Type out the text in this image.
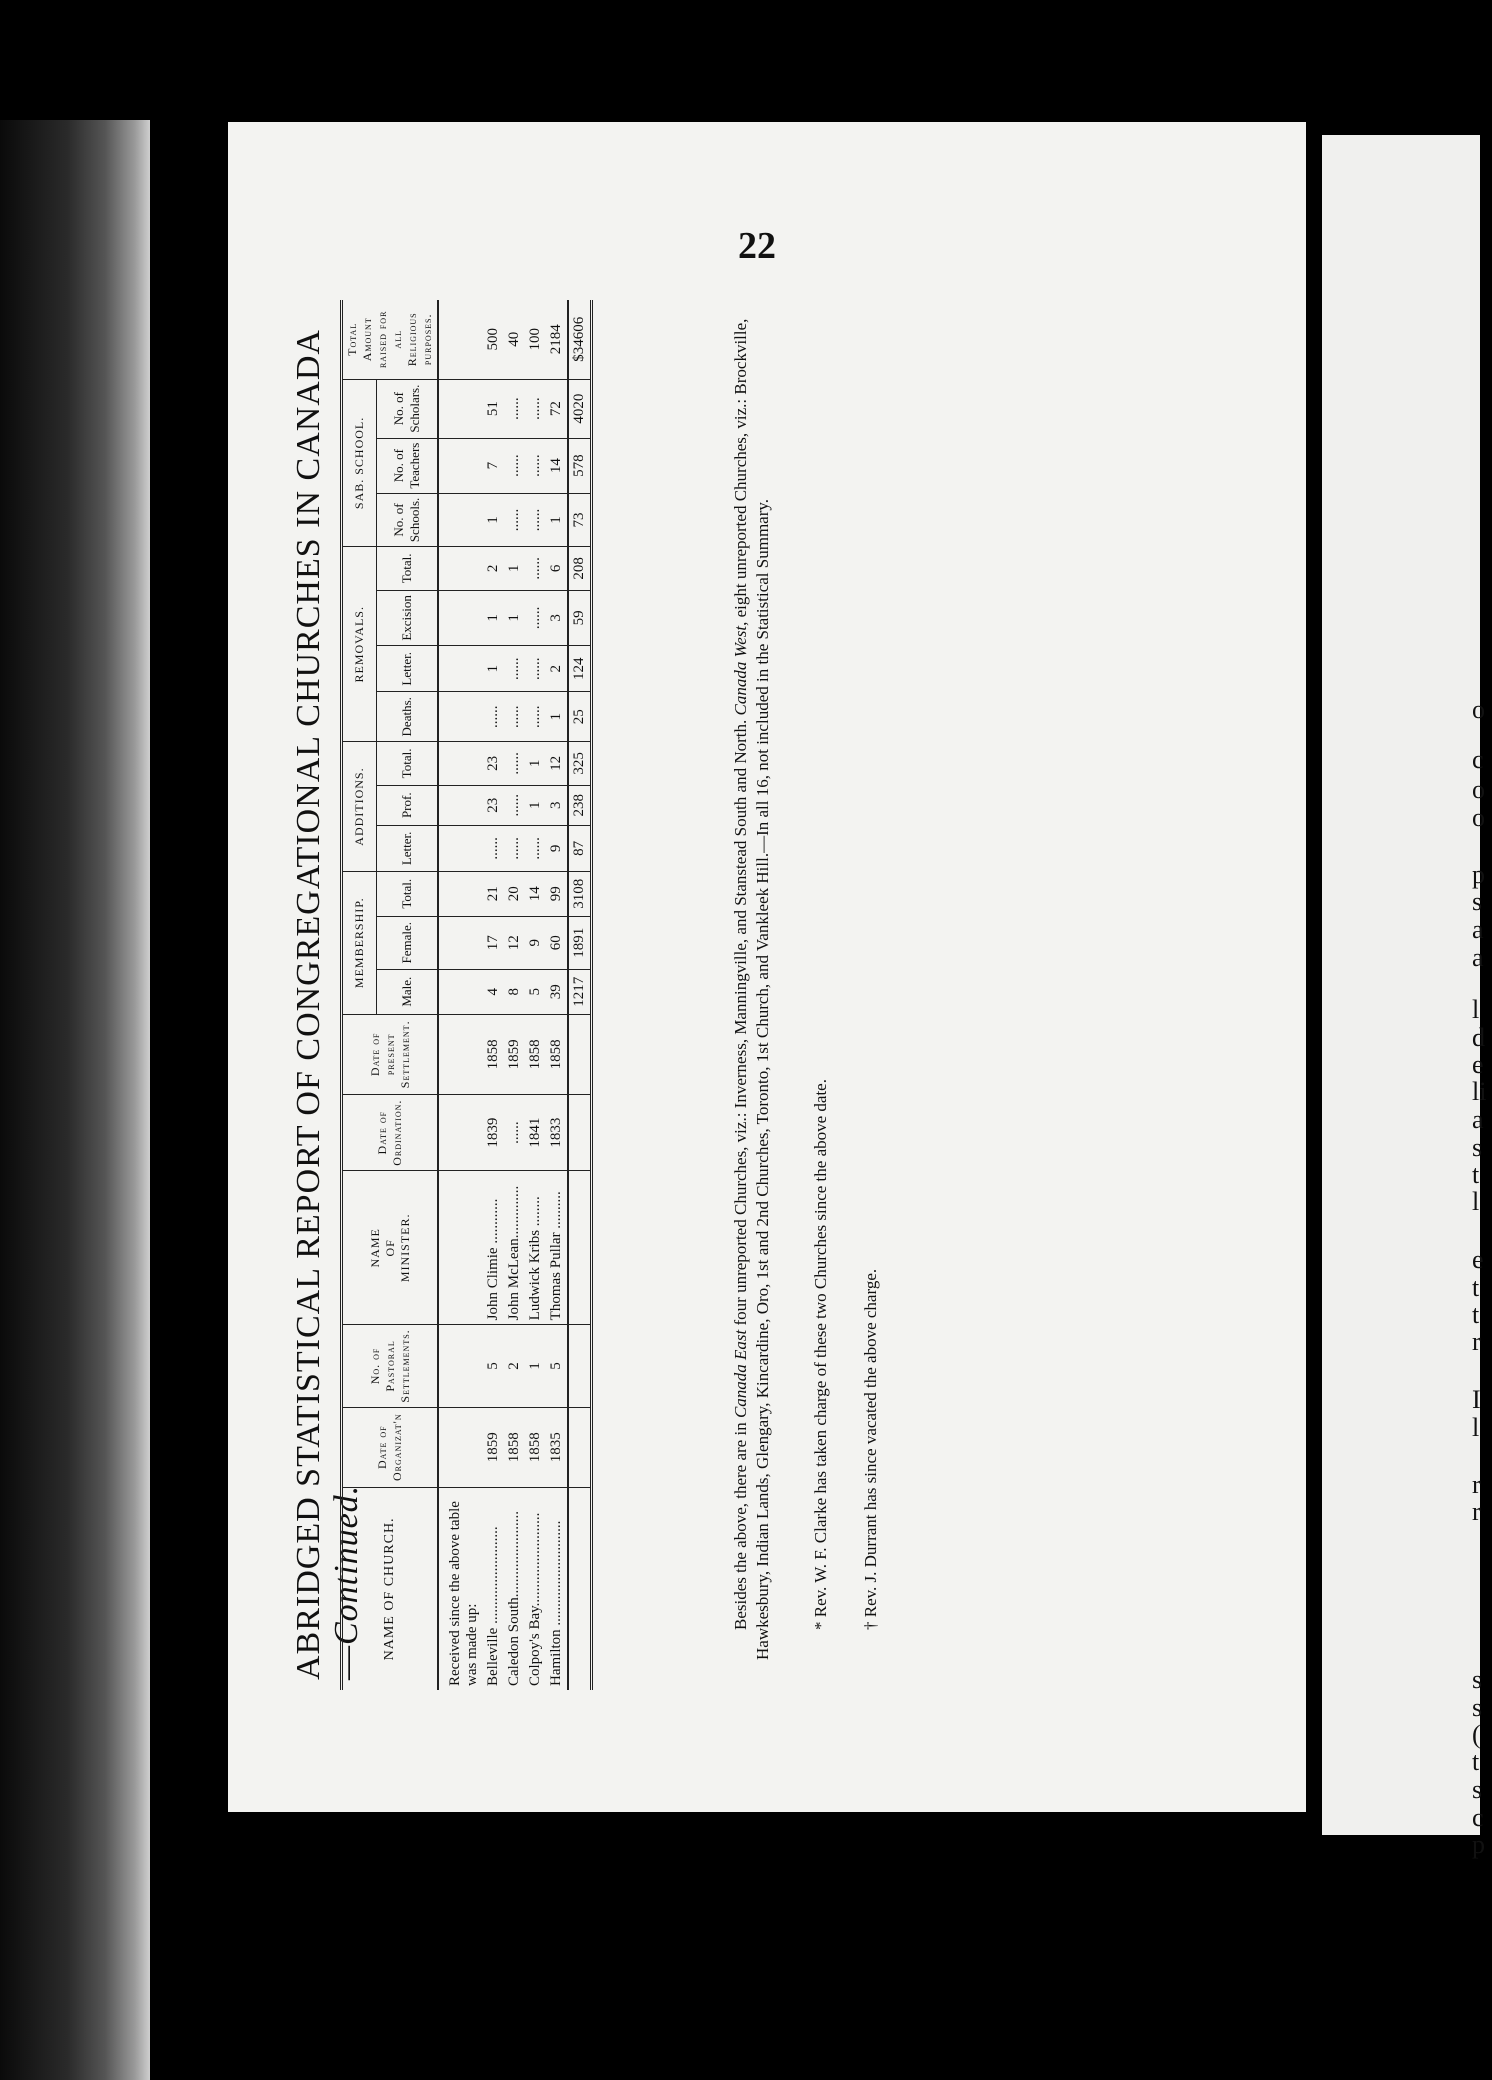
22
o
c
o
o
p
s
a
a
l
d
e
li
a
s
t
l
e
t
t
r
I
l
r
r
s
s
(
t
s
c
p
ABRIDGED STATISTICAL REPORT OF CONGREGATIONAL CHURCHES IN CANADA—Continued. NAME OF CHURCH.	Date of Organizat'n	No. of Pastoral Settlements.	NAME OF MINISTER.	Date of Ordination.	Date of present Settlement.	MEMBERSHIP.			ADDITIONS.			REMOVALS.				SAB. SCHOOL.			Total Amount raised for all Religious purposes.
						Male.	Female.	Total.	Letter.	Prof.	Total.	Deaths.	Letter.	Excision	Total.	No. of Schools.	No. of Teachers	No. of Scholars.	
Received since the above table was made up:																			
Belleville ..........................	1859	5	John Climie ............	1839	1858	4	17	21	......	23	23	......	1	1	2	1	7	51	500
Caledon South.......................	1858	2	John McLean..............	......	1859	8	12	20	......	......	......	......	......	1	1	......	......	......	40
Colpoy's Bay.........................	1858	1	Ludwick Kribs ........	1841	1858	5	9	14	......	1	1	......	......	......	......	......	......	......	100
Hamilton ............................	1835	5	Thomas Pullar ..........	1833	1858	39	60	99	9	3	12	1	2	3	6	1	14	72	2184
						1217	1891	3108	87	238	325	25	124	59	208	73	578	4020	$34606
Besides the above, there are in Canada East four unreported Churches, viz.: Inverness, Manningville, and Stanstead South and North. Canada West, eight unreported Churches, viz.: Brockville, Hawkesbury, Indian Lands, Glengary, Kincardine, Oro, 1st and 2nd Churches, Toronto, 1st Church, and Vankleek Hill.—In all 16, not included in the Statistical Summary. * Rev. W. F. Clarke has taken charge of these two Churches since the above date. † Rev. J. Durrant has since vacated the above charge.
